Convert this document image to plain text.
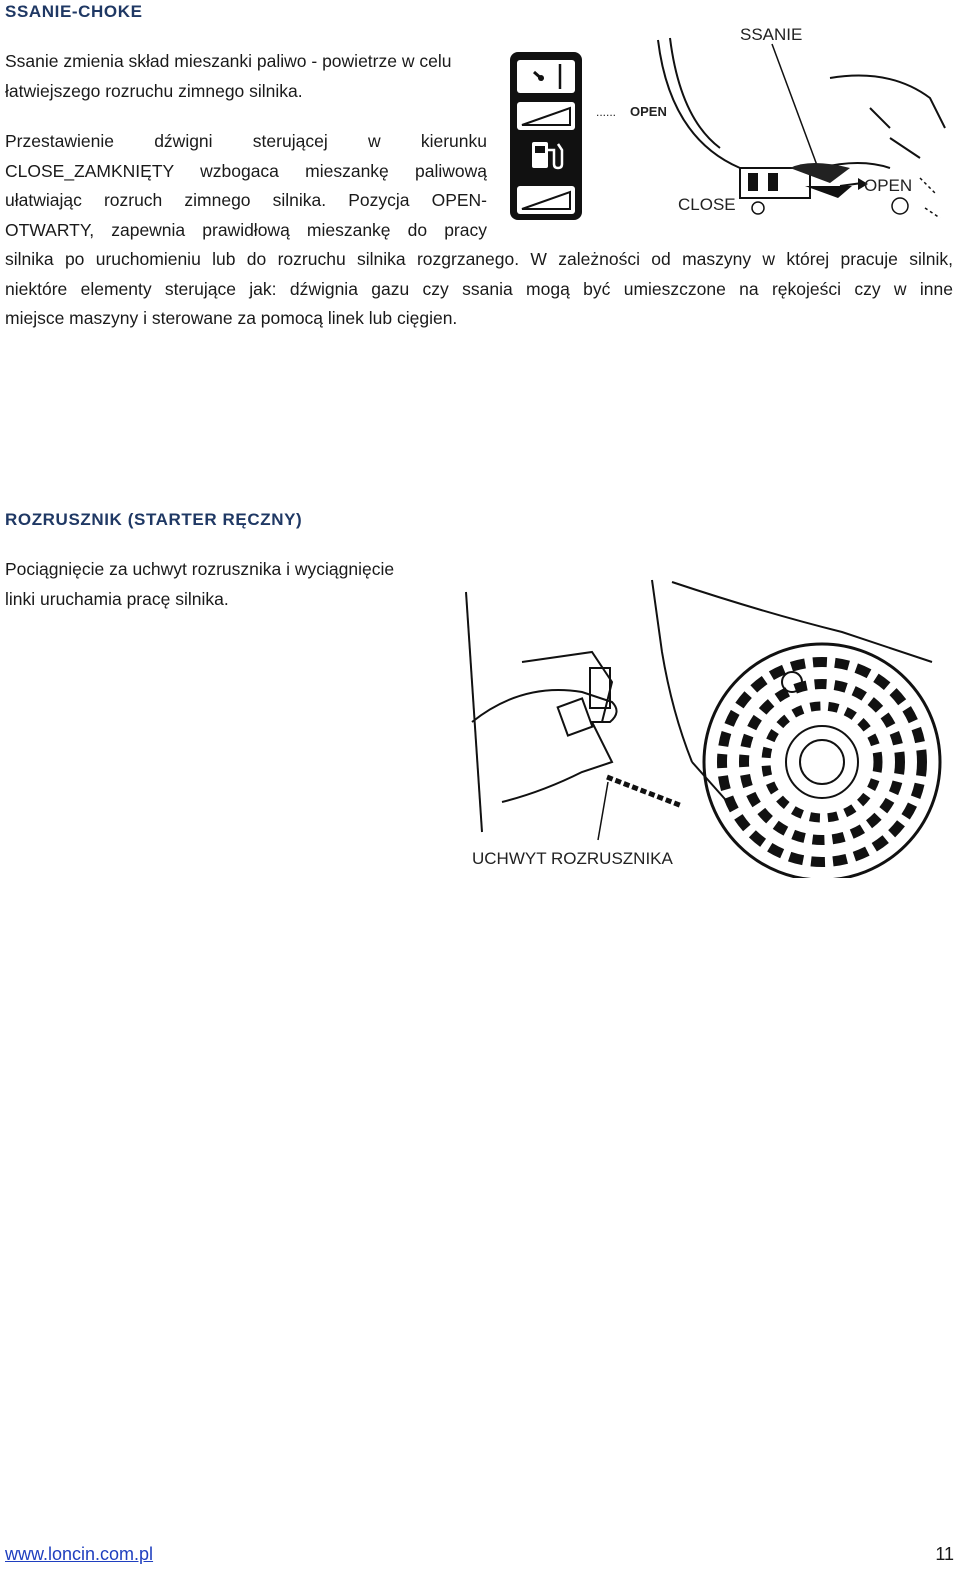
SSANIE-CHOKE

Ssanie zmienia skład mieszanki paliwo - powietrze w celu
łatwiejszego rozruchu zimnego silnika.

Przestawienie dźwigni sterującej w kierunku
CLOSE_ZAMKNIĘTY wzbogaca mieszankę paliwową
ułatwiając rozruch zimnego silnika. Pozycja OPEN-
OTWARTY, zapewnia prawidłową mieszankę do pracy
silnika po uruchomieniu lub do rozruchu silnika rozgrzanego. W zależności od maszyny w której pracuje silnik,
niektóre elementy sterujące jak: dźwignia gazu czy ssania mogą być umieszczone na rękojeści czy w inne
miejsce maszyny i sterowane za pomocą linek lub cięgien.
SSANIE
...... OPEN
OPEN
CLOSE
ROZRUSZNIK (STARTER RĘCZNY)

Pociągnięcie za uchwyt rozrusznika i wyciągnięcie
linki uruchamia pracę silnika.

UCHWYT ROZRUSZNIKA
www.loncin.com.pl	11
